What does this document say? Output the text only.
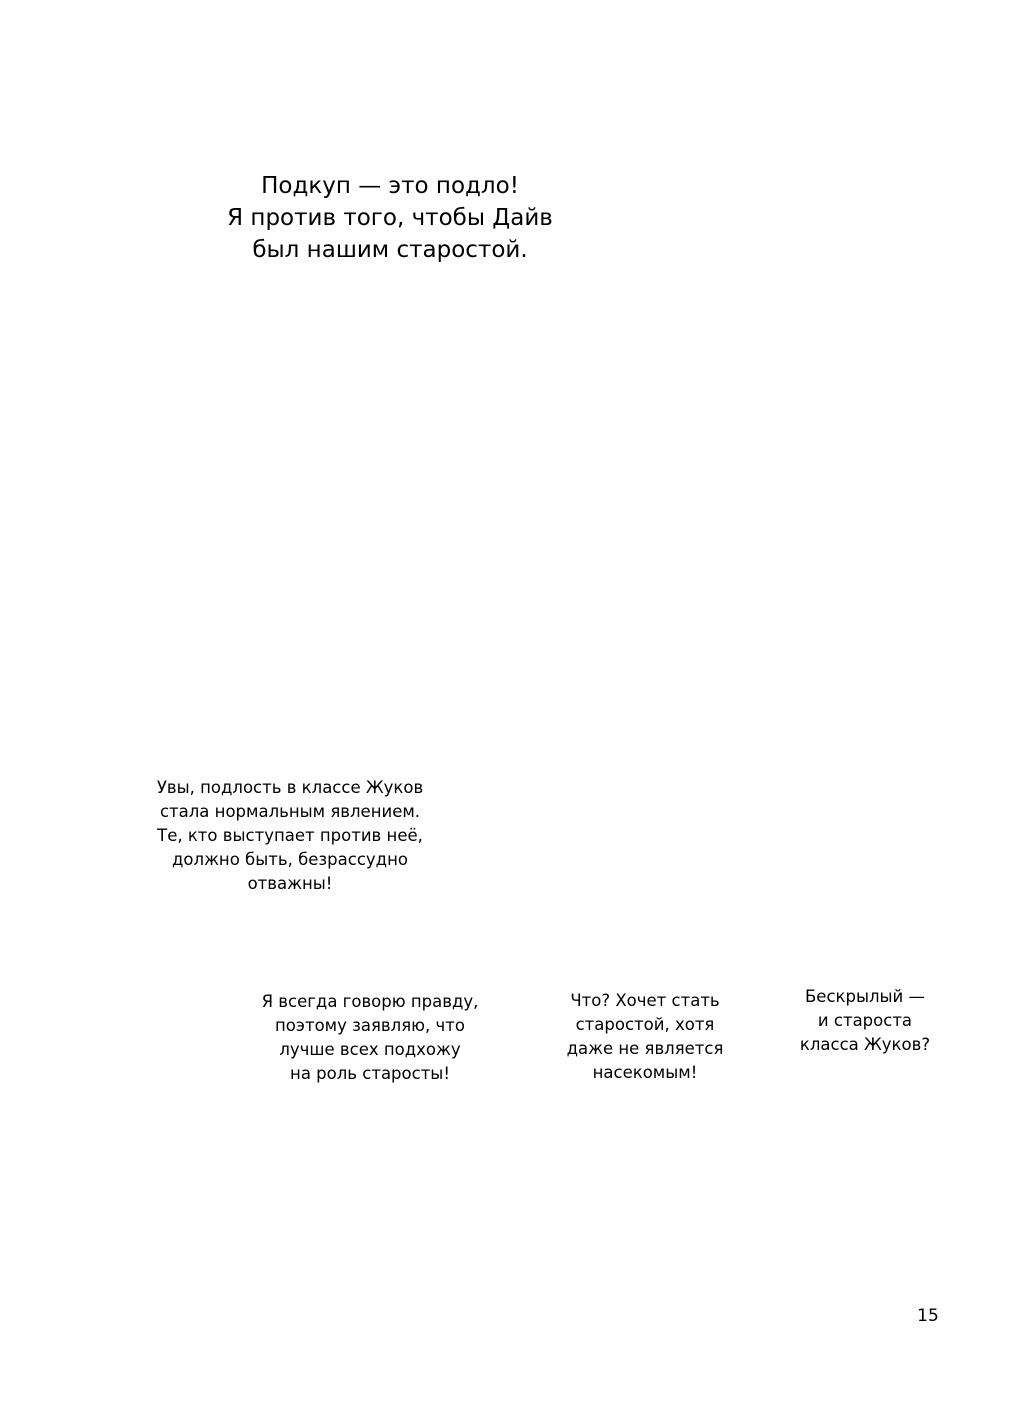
Подкуп — это подло!
Я против того, чтобы Дайв
был нашим старостой.
Увы, подлость в классе Жуков
стала нормальным явлением.
Те, кто выступает против неё,
должно быть, безрассудно
отважны!
Я всегда говорю правду,
поэтому заявляю, что
лучше всех подхожу
на роль старосты!
Что? Хочет стать
старостой, хотя
даже не является
насекомым!
Бескрылый —
и староста
класса Жуков?
15
